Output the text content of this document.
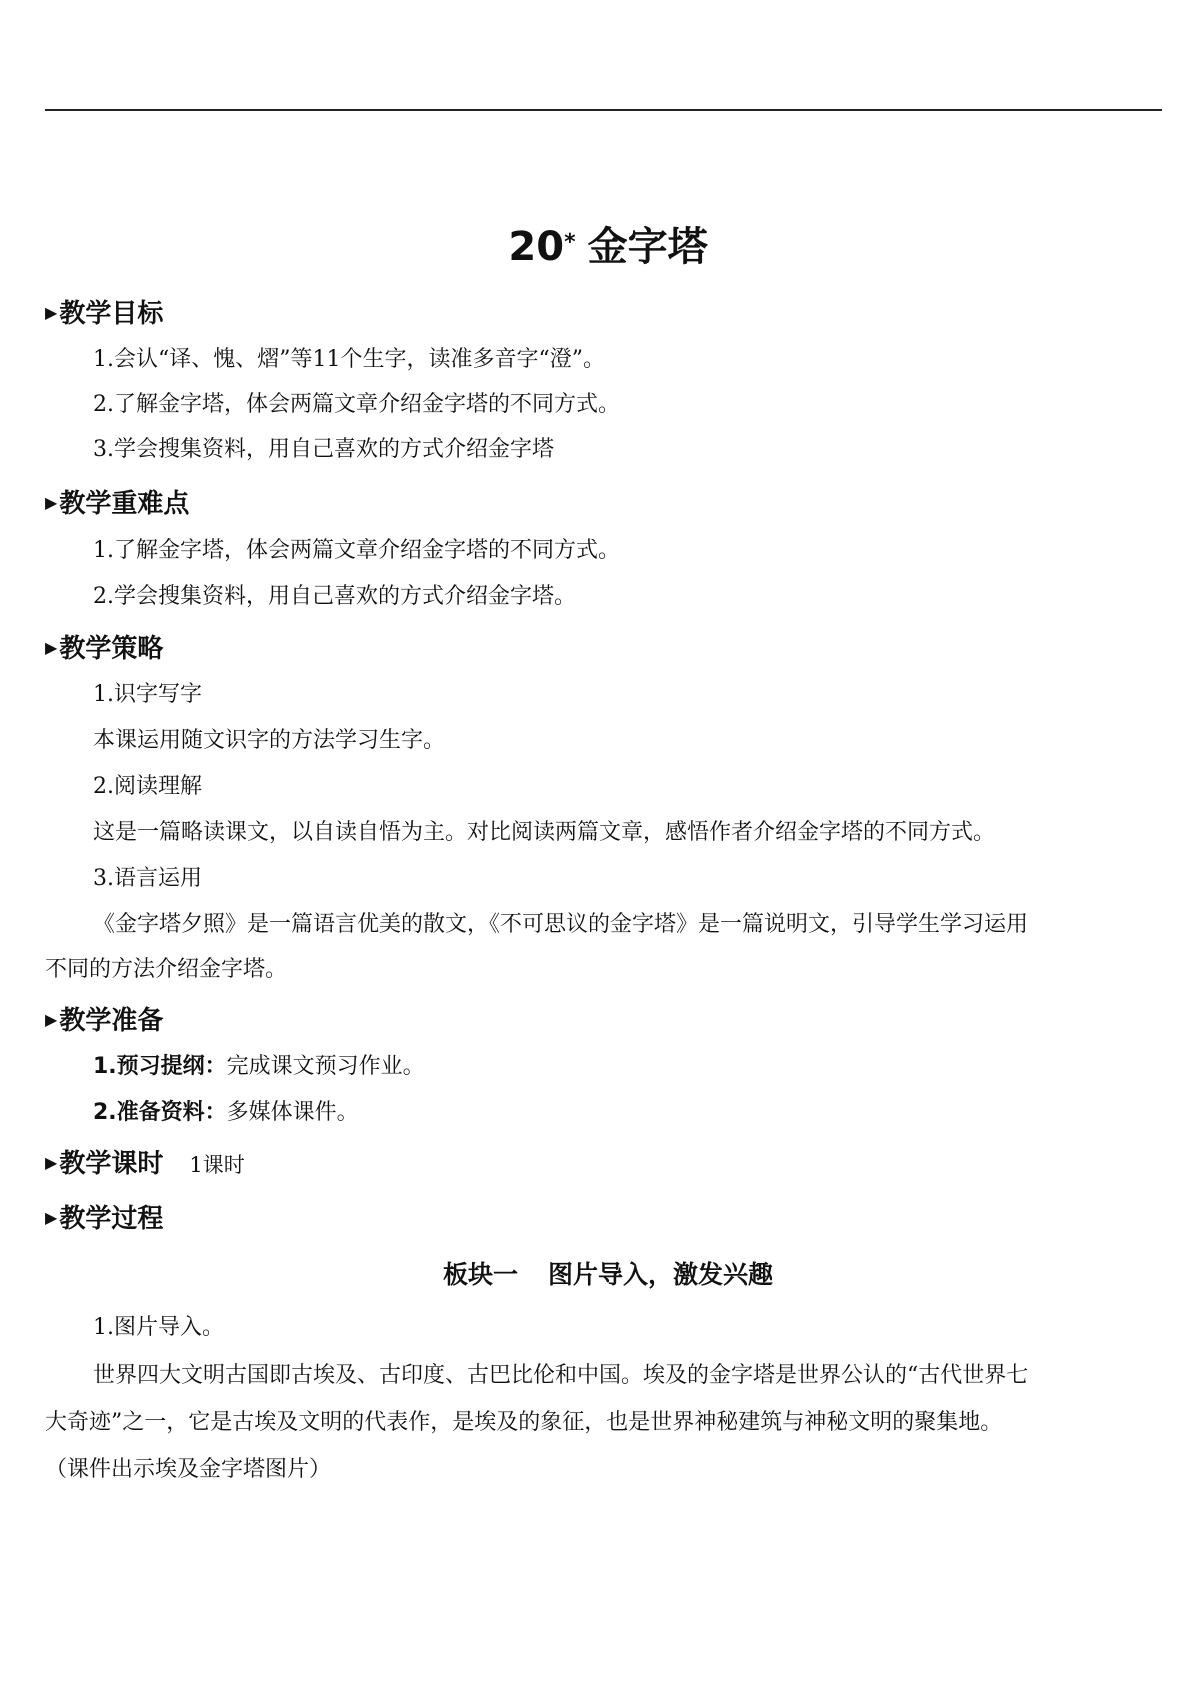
20* 金字塔
▶教学目标
1.会认“译、愧、熠”等11个生字，读准多音字“澄”。
2.了解金字塔，体会两篇文章介绍金字塔的不同方式。
3.学会搜集资料，用自己喜欢的方式介绍金字塔
▶教学重难点
1.了解金字塔，体会两篇文章介绍金字塔的不同方式。
2.学会搜集资料，用自己喜欢的方式介绍金字塔。
▶教学策略
1.识字写字
本课运用随文识字的方法学习生字。
2.阅读理解
这是一篇略读课文，以自读自悟为主。对比阅读两篇文章，感悟作者介绍金字塔的不同方式。
3.语言运用
《金字塔夕照》是一篇语言优美的散文，《不可思议的金字塔》是一篇说明文，引导学生学习运用
不同的方法介绍金字塔。
▶教学准备
1.预习提纲：完成课文预习作业。
2.准备资料：多媒体课件。
▶教学课时 1课时
▶教学过程
板块一 图片导入，激发兴趣
1.图片导入。
世界四大文明古国即古埃及、古印度、古巴比伦和中国。埃及的金字塔是世界公认的“古代世界七
大奇迹”之一，它是古埃及文明的代表作，是埃及的象征，也是世界神秘建筑与神秘文明的聚集地。
（课件出示埃及金字塔图片）
